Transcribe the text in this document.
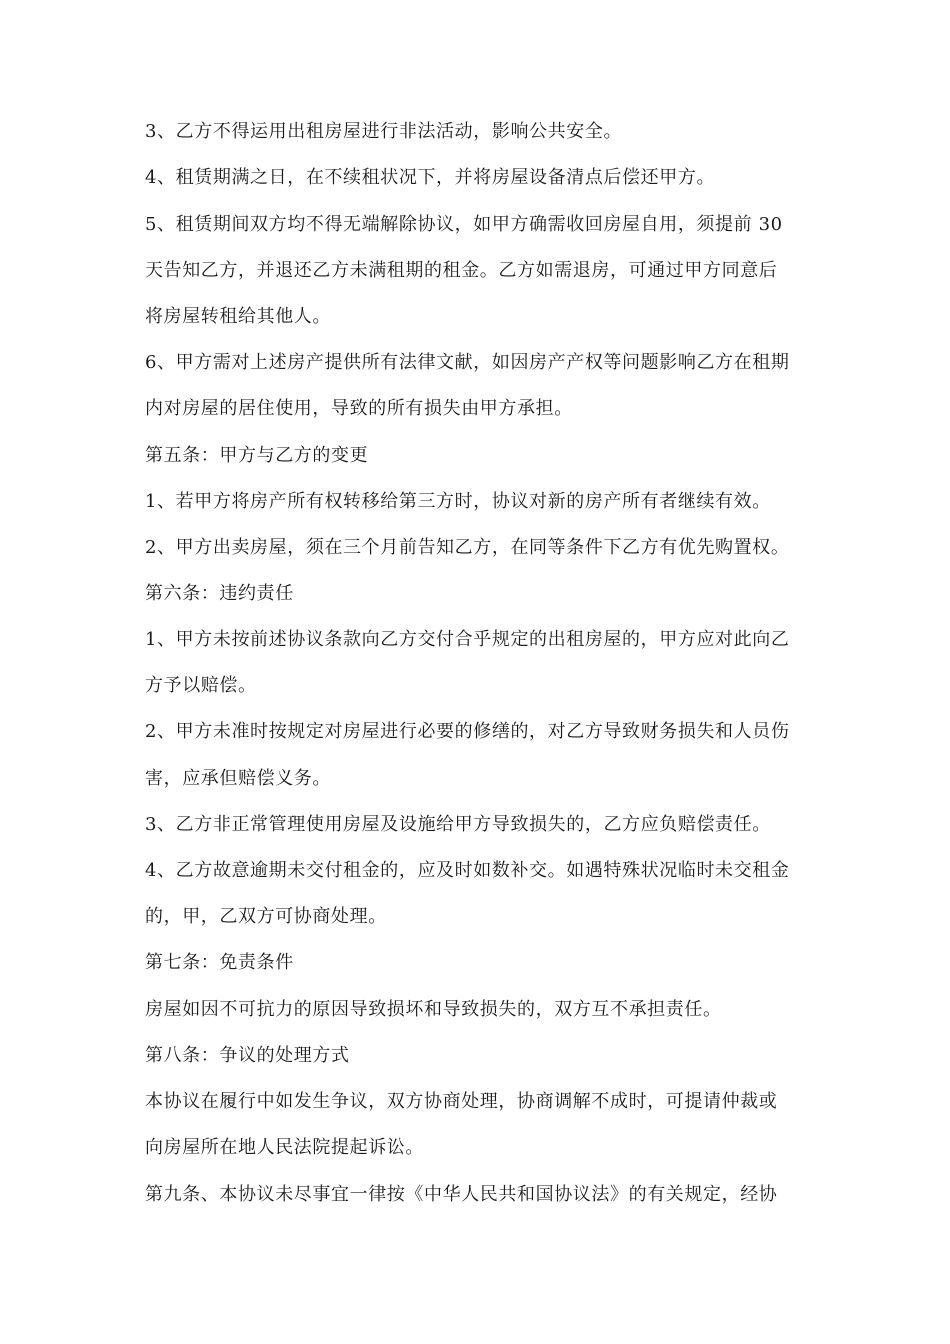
3、乙方不得运用出租房屋进行非法活动，影响公共安全。

4、租赁期满之日，在不续租状况下，并将房屋设备清点后偿还甲方。

5、租赁期间双方均不得无端解除协议，如甲方确需收回房屋自用，须提前 30

天告知乙方，并退还乙方未满租期的租金。乙方如需退房，可通过甲方同意后

将房屋转租给其他人。

6、甲方需对上述房产提供所有法律文献，如因房产产权等问题影响乙方在租期

内对房屋的居住使用，导致的所有损失由甲方承担。

第五条：甲方与乙方的变更

1、若甲方将房产所有权转移给第三方时，协议对新的房产所有者继续有效。

2、甲方出卖房屋，须在三个月前告知乙方，在同等条件下乙方有优先购置权。

第六条：违约责任

1、甲方未按前述协议条款向乙方交付合乎规定的出租房屋的，甲方应对此向乙

方予以赔偿。

2、甲方未准时按规定对房屋进行必要的修缮的，对乙方导致财务损失和人员伤

害，应承但赔偿义务。

3、乙方非正常管理使用房屋及设施给甲方导致损失的，乙方应负赔偿责任。

4、乙方故意逾期未交付租金的，应及时如数补交。如遇特殊状况临时未交租金

的，甲，乙双方可协商处理。

第七条：免责条件

房屋如因不可抗力的原因导致损坏和导致损失的，双方互不承担责任。

第八条：争议的处理方式

本协议在履行中如发生争议，双方协商处理，协商调解不成时，可提请仲裁或

向房屋所在地人民法院提起诉讼。

第九条、本协议未尽事宜一律按《中华人民共和国协议法》的有关规定，经协
